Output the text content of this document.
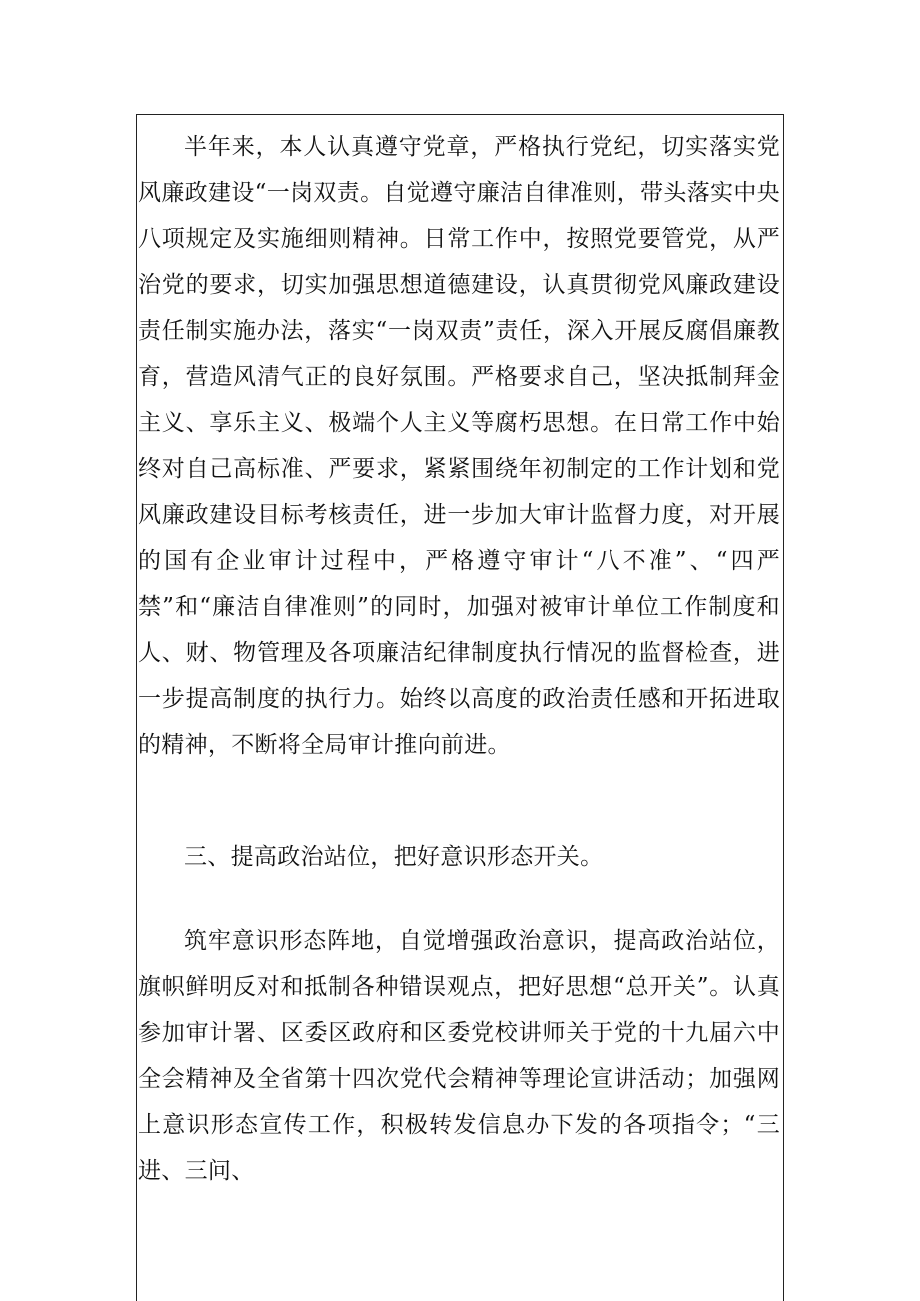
半年来，本人认真遵守党章，严格执行党纪，切实落实党风廉政建设“一岗双责。自觉遵守廉洁自律准则，带头落实中央八项规定及实施细则精神。日常工作中，按照党要管党，从严治党的要求，切实加强思想道德建设，认真贯彻党风廉政建设责任制实施办法，落实“一岗双责”责任，深入开展反腐倡廉教育，营造风清气正的良好氛围。严格要求自己，坚决抵制拜金主义、享乐主义、极端个人主义等腐朽思想。在日常工作中始终对自己高标准、严要求，紧紧围绕年初制定的工作计划和党风廉政建设目标考核责任，进一步加大审计监督力度，对开展的国有企业审计过程中，严格遵守审计“八不准”、“四严禁”和“廉洁自律准则”的同时，加强对被审计单位工作制度和人、财、物管理及各项廉洁纪律制度执行情况的监督检查，进一步提高制度的执行力。始终以高度的政治责任感和开拓进取的精神，不断将全局审计推向前进。

三、提高政治站位，把好意识形态开关。

筑牢意识形态阵地，自觉增强政治意识，提高政治站位，旗帜鲜明反对和抵制各种错误观点，把好思想“总开关”。认真参加审计署、区委区政府和区委党校讲师关于党的十九届六中全会精神及全省第十四次党代会精神等理论宣讲活动；加强网上意识形态宣传工作，积极转发信息办下发的各项指令；“三进、三问、
